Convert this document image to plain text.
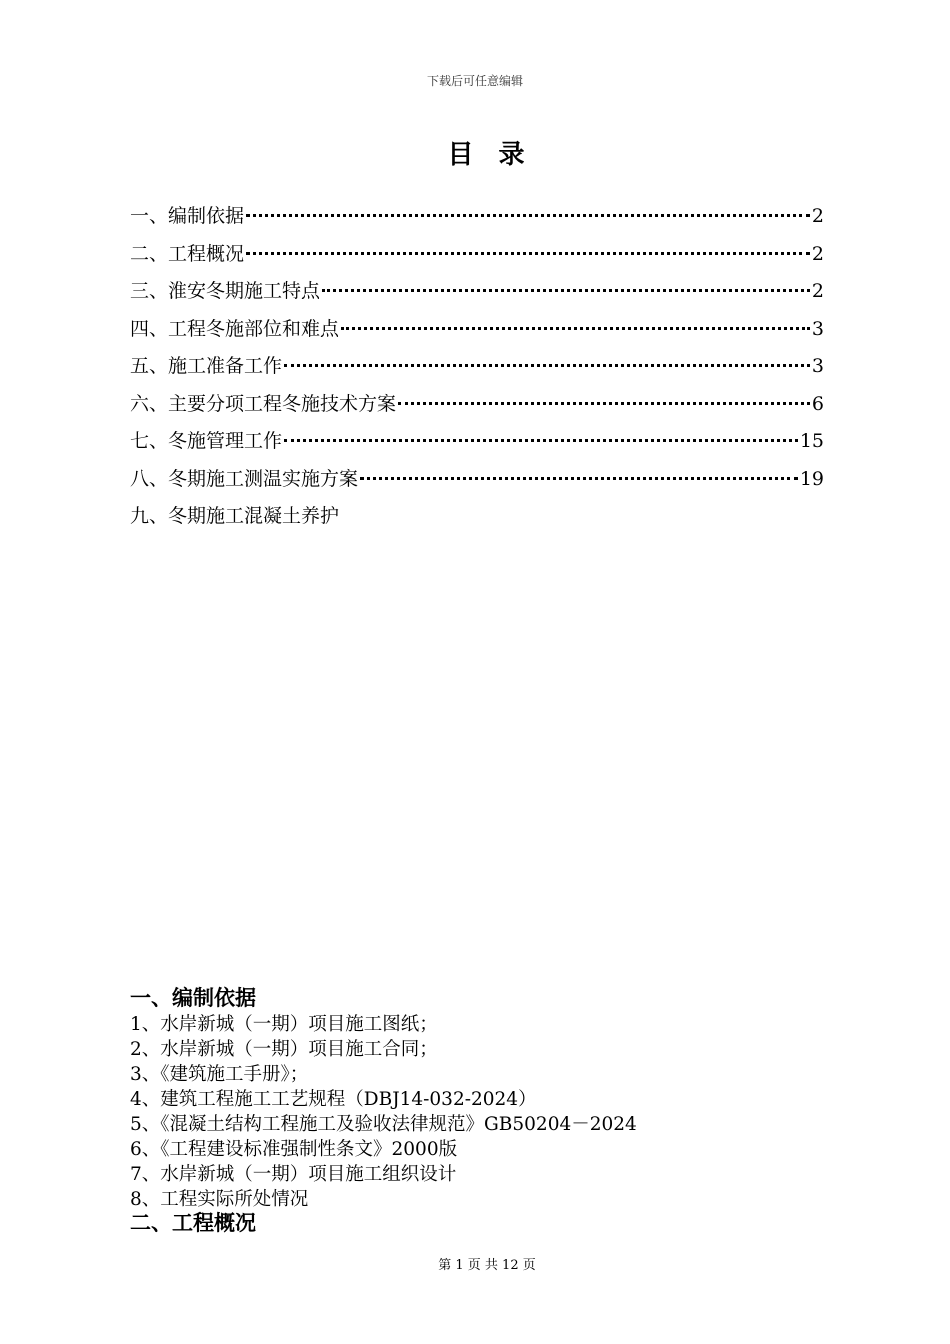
下载后可任意编辑
目 录
一、编制依据	2
二、工程概况	2
三、淮安冬期施工特点	2
四、工程冬施部位和难点	3
五、施工准备工作	3
六、主要分项工程冬施技术方案	6
七、冬施管理工作	15
八、冬期施工测温实施方案	19
九、冬期施工混凝土养护
一、编制依据
1、水岸新城（一期）项目施工图纸；
2、水岸新城（一期）项目施工合同；
3、《建筑施工手册》；
4、建筑工程施工工艺规程（DBJ14-032-2024）
5、《混凝土结构工程施工及验收法律规范》GB50204－2024
6、《工程建设标准强制性条文》2000版
7、水岸新城（一期）项目施工组织设计
8、工程实际所处情况
二、工程概况
第 1 页 共 12 页
